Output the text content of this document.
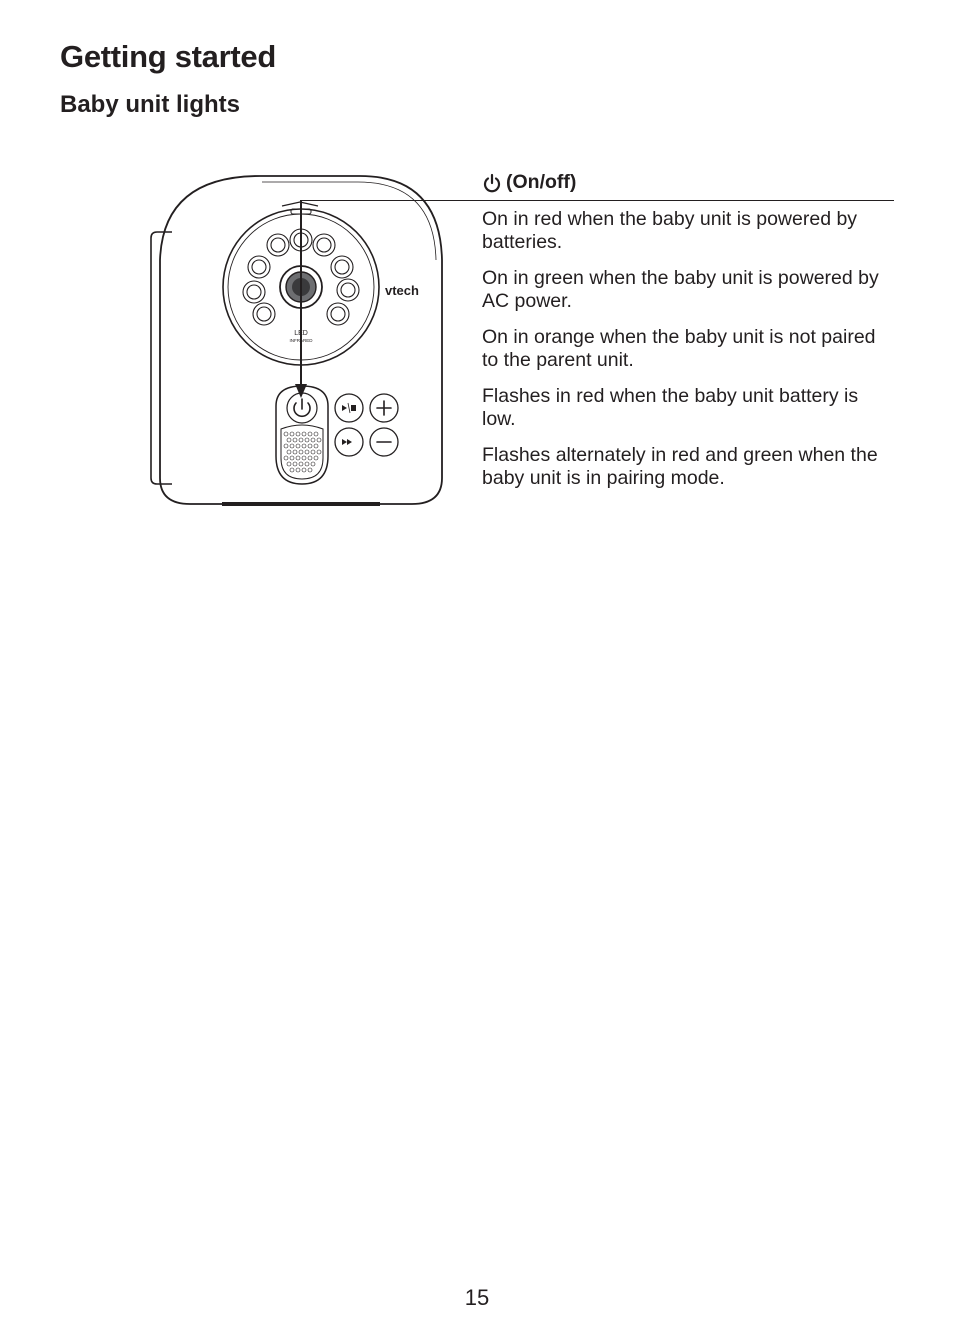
Getting started
Baby unit lights
LED
INFRARED
vtech
(On/off)

On in red when the baby unit is powered by batteries.

On in green when the baby unit is powered by AC power.

On in orange when the baby unit is not paired to the parent unit.

Flashes in red when the baby unit battery is low.

Flashes alternately in red and green when the baby unit is in pairing mode.

15
